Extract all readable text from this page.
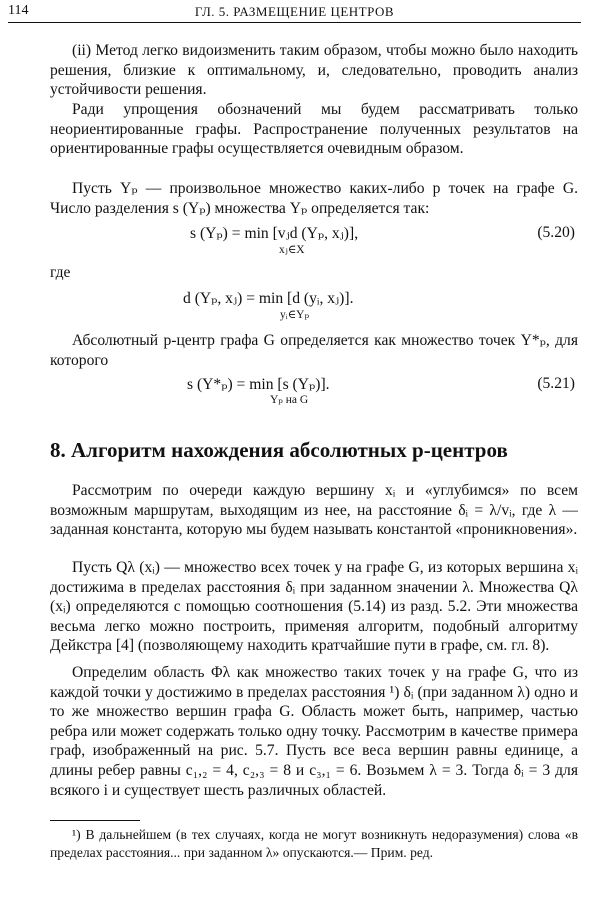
114	ГЛ. 5. РАЗМЕЩЕНИЕ ЦЕНТРОВ
(ii) Метод легко видоизменить таким образом, чтобы можно было находить решения, близкие к оптимальному, и, следовательно, проводить анализ устойчивости решения.
Ради упрощения обозначений мы будем рассматривать только неориентированные графы. Распространение полученных результатов на ориентированные графы осуществляется очевидным образом.
Пусть Yₚ — произвольное множество каких-либо p точек на графе G. Число разделения s (Yₚ) множества Yₚ определяется так:
s (Yₚ) = min [vⱼd (Yₚ, xⱼ)],
xⱼ∈X
(5.20)
где
d (Yₚ, xⱼ) = min [d (yᵢ, xⱼ)].
yᵢ∈Yₚ
Абсолютный p-центр графа G определяется как множество точек Y*ₚ, для которого
s (Y*ₚ) = min [s (Yₚ)].
Yₚ на G
(5.21)
8. Алгоритм нахождения абсолютных p-центров
Рассмотрим по очереди каждую вершину xᵢ и «углубимся» по всем возможным маршрутам, выходящим из нее, на расстояние δᵢ = λ/vᵢ, где λ — заданная константа, которую мы будем называть константой «проникновения».
Пусть Qλ (xᵢ) — множество всех точек y на графе G, из которых вершина xᵢ достижима в пределах расстояния δᵢ при заданном значении λ. Множества Qλ (xᵢ) определяются с помощью соотношения (5.14) из разд. 5.2. Эти множества весьма легко можно построить, применяя алгоритм, подобный алгоритму Дейкстра [4] (позволяющему находить кратчайшие пути в графе, см. гл. 8).
Определим область Φλ как множество таких точек y на графе G, что из каждой точки y достижимо в пределах расстояния ¹) δᵢ (при заданном λ) одно и то же множество вершин графа G. Область может быть, например, частью ребра или может содержать только одну точку. Рассмотрим в качестве примера граф, изображенный на рис. 5.7. Пусть все веса вершин равны единице, а длины ребер равны c₁,₂ = 4, c₂,₃ = 8 и c₃,₁ = 6. Возьмем λ = 3. Тогда δᵢ = 3 для всякого i и существует шесть различных областей.
¹) В дальнейшем (в тех случаях, когда не могут возникнуть недоразумения) слова «в пределах расстояния... при заданном λ» опускаются.— Прим. ред.
